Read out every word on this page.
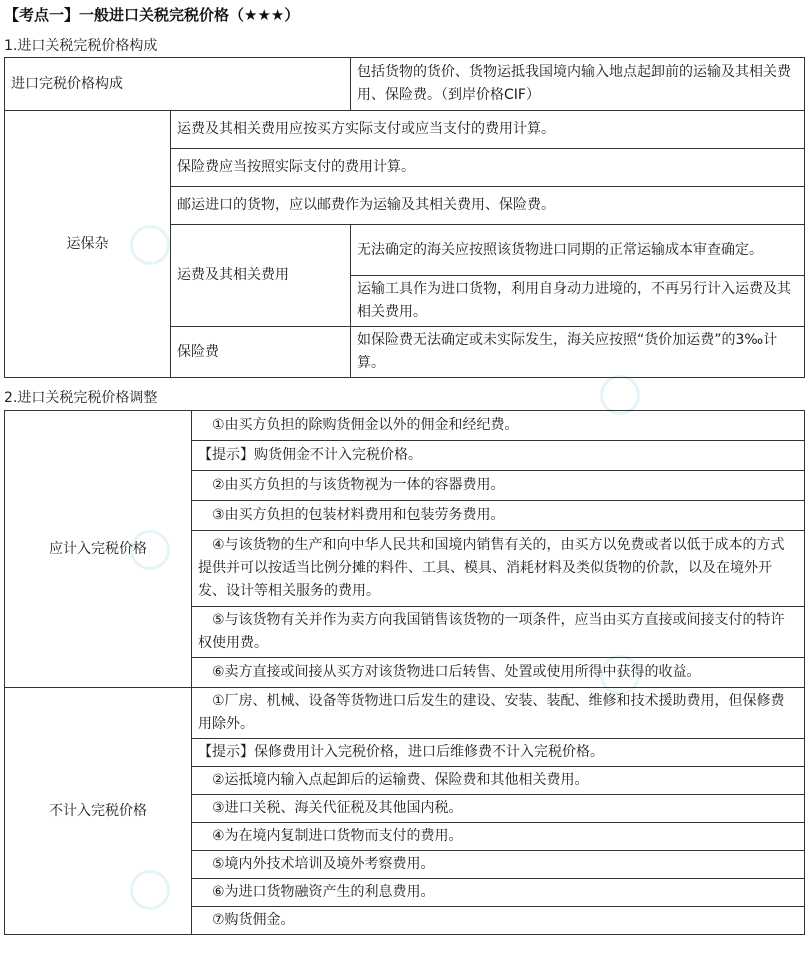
【考点一】一般进口关税完税价格（★★★）
1.进口关税完税价格构成
进口完税价格构成		包括货物的货价、货物运抵我国境内输入地点起卸前的运输及其相关费用、保险费。（到岸价格CIF）
运保杂	运费及其相关费用应按买方实际支付或应当支付的费用计算。	
	保险费应当按照实际支付的费用计算。	
	邮运进口的货物，应以邮费作为运输及其相关费用、保险费。	
	运费及其相关费用	无法确定的海关应按照该货物进口同期的正常运输成本审查确定。
		运输工具作为进口货物，利用自身动力进境的，不再另行计入运费及其相关费用。
	保险费	如保险费无法确定或未实际发生，海关应按照“货价加运费”的3‰计算。
2.进口关税完税价格调整
应计入完税价格	①由买方负担的除购货佣金以外的佣金和经纪费。
	【提示】购货佣金不计入完税价格。
	②由买方负担的与该货物视为一体的容器费用。
	③由买方负担的包装材料费用和包装劳务费用。
	④与该货物的生产和向中华人民共和国境内销售有关的，由买方以免费或者以低于成本的方式提供并可以按适当比例分摊的料件、工具、模具、消耗材料及类似货物的价款，以及在境外开发、设计等相关服务的费用。
	⑤与该货物有关并作为卖方向我国销售该货物的一项条件，应当由买方直接或间接支付的特许权使用费。
	⑥卖方直接或间接从买方对该货物进口后转售、处置或使用所得中获得的收益。
不计入完税价格	①厂房、机械、设备等货物进口后发生的建设、安装、装配、维修和技术援助费用，但保修费用除外。
	【提示】保修费用计入完税价格，进口后维修费不计入完税价格。
	②运抵境内输入点起卸后的运输费、保险费和其他相关费用。
	③进口关税、海关代征税及其他国内税。
	④为在境内复制进口货物而支付的费用。
	⑤境内外技术培训及境外考察费用。
	⑥为进口货物融资产生的利息费用。
	⑦购货佣金。
